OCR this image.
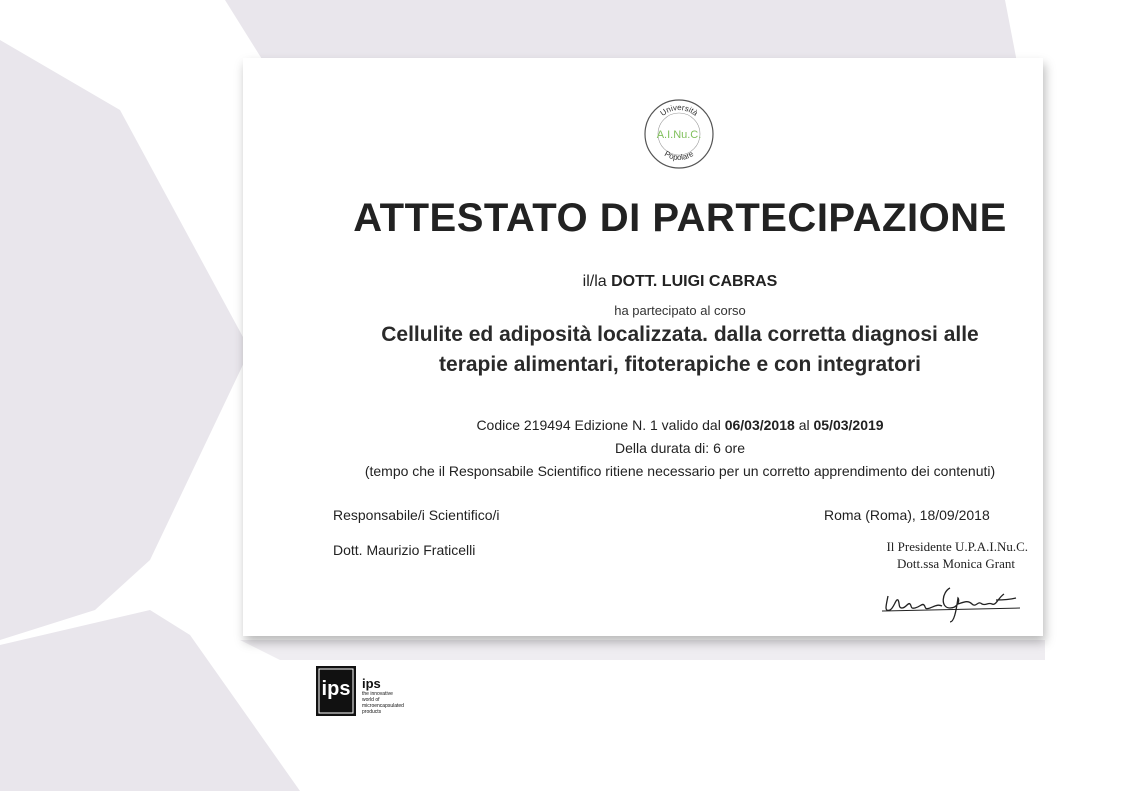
Università
Popolare
A.I.Nu.C.
ATTESTATO DI PARTECIPAZIONE
il/la DOTT. LUIGI CABRAS
ha partecipato al corso
Cellulite ed adiposità localizzata. dalla corretta diagnosi alle
terapie alimentari, fitoterapiche e con integratori
Codice 219494 Edizione N. 1 valido dal 06/03/2018 al 05/03/2019
Della durata di: 6 ore
(tempo che il Responsabile Scientifico ritiene necessario per un corretto apprendimento dei contenuti)
Responsabile/i Scientifico/i
Dott. Maurizio Fraticelli
Roma (Roma), 18/09/2018
Il Presidente U.P.A.I.Nu.C.
Dott.ssa Monica Grant
ips ips
the innovative
world of
microencapsulated
products
